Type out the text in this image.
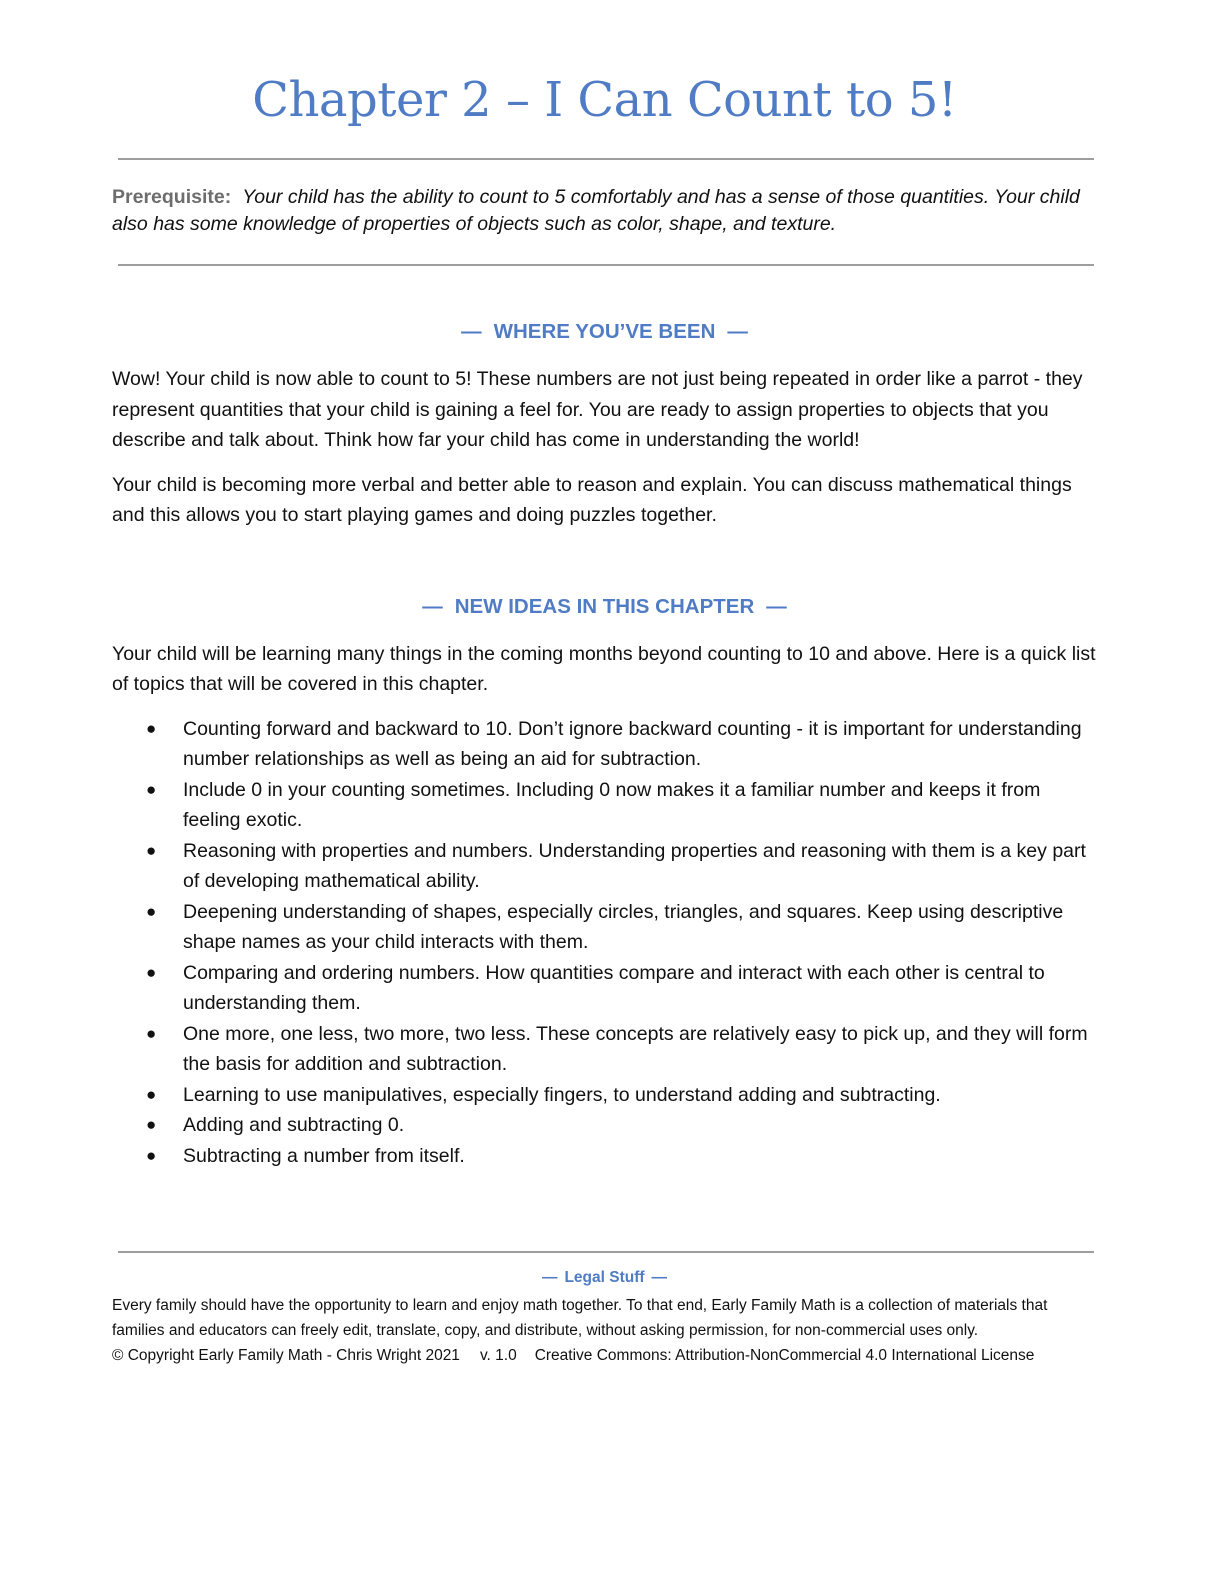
Chapter 2 – I Can Count to 5!

Prerequisite: Your child has the ability to count to 5 comfortably and has a sense of those quantities. Your child also has some knowledge of properties of objects such as color, shape, and texture.

— WHERE YOU’VE BEEN —

Wow! Your child is now able to count to 5! These numbers are not just being repeated in order like a parrot - they represent quantities that your child is gaining a feel for. You are ready to assign properties to objects that you describe and talk about. Think how far your child has come in understanding the world!

Your child is becoming more verbal and better able to reason and explain. You can discuss mathematical things and this allows you to start playing games and doing puzzles together.

— NEW IDEAS IN THIS CHAPTER —

Your child will be learning many things in the coming months beyond counting to 10 and above. Here is a quick list of topics that will be covered in this chapter.

● Counting forward and backward to 10. Don’t ignore backward counting - it is important for understanding number relationships as well as being an aid for subtraction.
● Include 0 in your counting sometimes. Including 0 now makes it a familiar number and keeps it from feeling exotic.
● Reasoning with properties and numbers. Understanding properties and reasoning with them is a key part of developing mathematical ability.
● Deepening understanding of shapes, especially circles, triangles, and squares. Keep using descriptive shape names as your child interacts with them.
● Comparing and ordering numbers. How quantities compare and interact with each other is central to understanding them.
● One more, one less, two more, two less. These concepts are relatively easy to pick up, and they will form the basis for addition and subtraction.
● Learning to use manipulatives, especially fingers, to understand adding and subtracting.
● Adding and subtracting 0.
● Subtracting a number from itself.
— Legal Stuff —

Every family should have the opportunity to learn and enjoy math together. To that end, Early Family Math is a collection of materials that families and educators can freely edit, translate, copy, and distribute, without asking permission, for non-commercial uses only.

© Copyright Early Family Math - Chris Wright 2021 v. 1.0 Creative Commons: Attribution-NonCommercial 4.0 International License
